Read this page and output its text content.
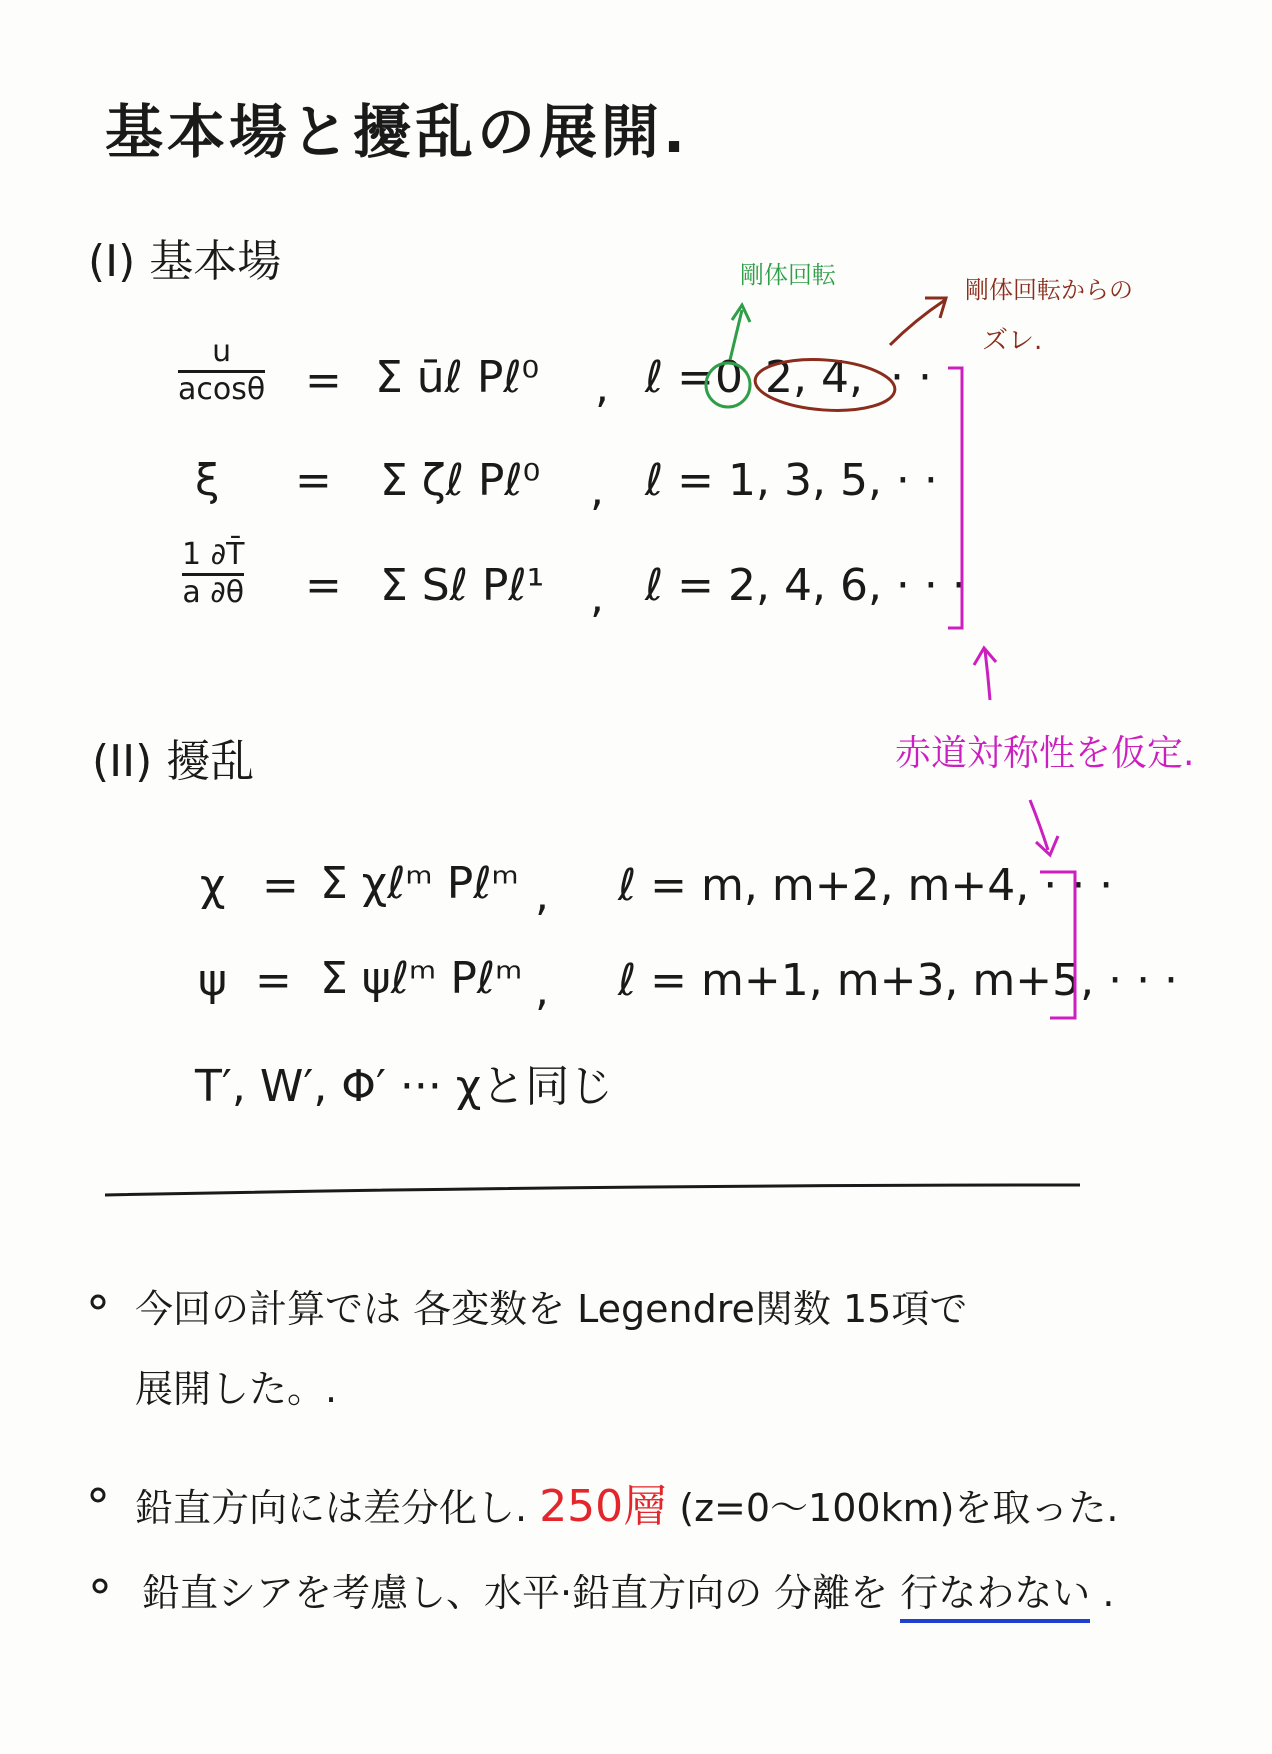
基本場と擾乱の展開.
(I) 基本場	剛体回転
剛体回転からの
ズレ.
u
acosθ = Σ ūℓ Pℓ⁰ , ℓ = 0 2, 4, · ·
ξ = Σ ζℓ Pℓ⁰ , ℓ = 1, 3, 5, · ·
1 ∂T̄
a ∂θ = Σ Sℓ Pℓ¹ , ℓ = 2, 4, 6, · · ·
赤道対称性を仮定.
(II) 擾乱
χ = Σ χℓᵐ Pℓᵐ , ℓ = m, m+2, m+4, · · ·
ψ = Σ ψℓᵐ Pℓᵐ , ℓ = m+1, m+3, m+5, · · ·
T′, W′, Φ′ ··· χと同じ
今回の計算では 各変数を Legendre関数 15項で
展開した。.
鉛直方向には差分化し. 250層 (z=0～100km)を取った.
鉛直シアを考慮し、水平·鉛直方向の 分離を 行なわない .
